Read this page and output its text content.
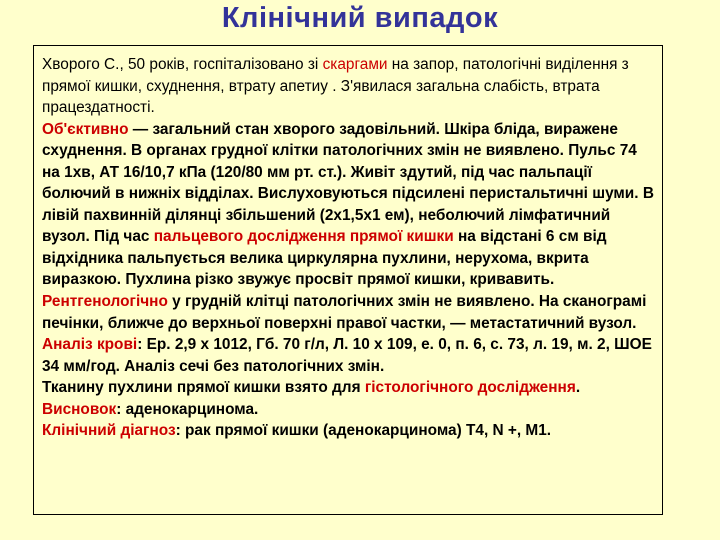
Клінічний випадок

Хворого С., 50 років, госпіталізовано зі скаргами на запор, патологічні виділення з прямої кишки, схуднення, втрату апетиу . З'явилася загальна слабість, втрата працездатності.

Об'єктивно — загальний стан хворого задовільний. Шкіра бліда, виражене схуднення. В органах грудної клітки патологічних змін не виявлено. Пульс 74 на 1хв, АТ 16/10,7 кПа (120/80 мм рт. ст.). Живіт здутий, під час пальпації болючий в нижніх відділах. Вислуховуються підсилені перистальтичні шуми. В лівій пахвинній ділянці збільшений (2х1,5х1 ем), неболючий лімфатичний вузол. Під час пальцевого дослідження прямої кишки на відстані 6 см від відхідника пальпується велика циркулярна пухлини, нерухома, вкрита виразкою. Пухлина різко звужує просвіт прямої кишки, кривавить.

Рентгенологічно у грудній клітці патологічних змін не виявлено. На сканограмі печінки, ближче до верхньої поверхні правої частки, — метастатичний вузол.

Аналіз крові: Ер. 2,9 х 1012, Гб. 70 г/л, Л. 10 х 109, е. 0, п. 6, с. 73, л. 19, м. 2, ШОЕ 34 мм/год. Аналіз сечі без патологічних змін.
Тканину пухлини прямої кишки взято для гістологічного дослідження. Висновок: аденокарцинома.

Клінічний діагноз: рак прямої кишки (аденокарцинома) Т4, N +, М1.
